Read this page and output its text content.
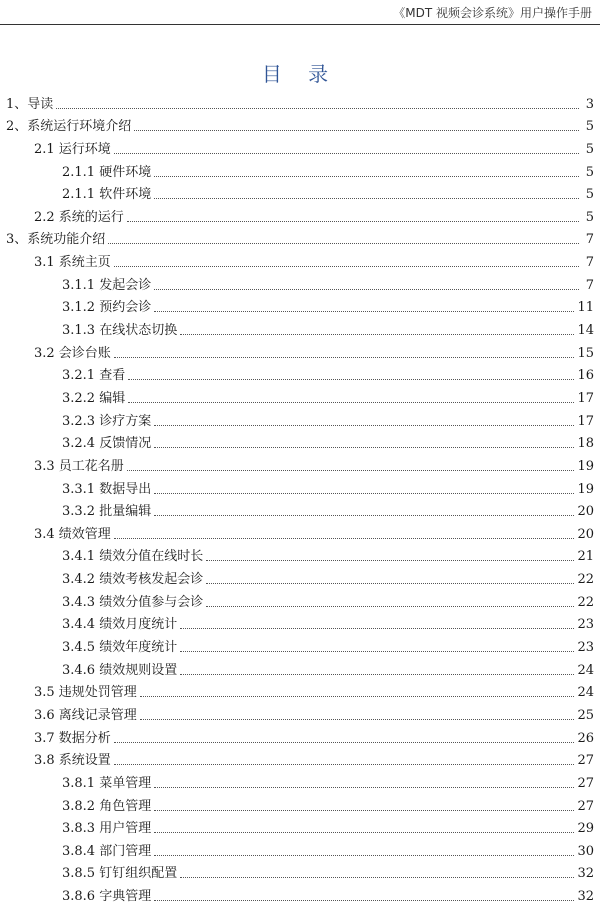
《MDT 视频会诊系统》用户操作手册
目 录
1、导读	3
2、系统运行环境介绍	5
2.1 运行环境	5
2.1.1 硬件环境	5
2.1.1 软件环境	5
2.2 系统的运行	5
3、系统功能介绍	7
3.1 系统主页	7
3.1.1 发起会诊	7
3.1.2 预约会诊	11
3.1.3 在线状态切换	14
3.2 会诊台账	15
3.2.1 查看	16
3.2.2 编辑	17
3.2.3 诊疗方案	17
3.2.4 反馈情况	18
3.3 员工花名册	19
3.3.1 数据导出	19
3.3.2 批量编辑	20
3.4 绩效管理	20
3.4.1 绩效分值在线时长	21
3.4.2 绩效考核发起会诊	22
3.4.3 绩效分值参与会诊	22
3.4.4 绩效月度统计	23
3.4.5 绩效年度统计	23
3.4.6 绩效规则设置	24
3.5 违规处罚管理	24
3.6 离线记录管理	25
3.7 数据分析	26
3.8 系统设置	27
3.8.1 菜单管理	27
3.8.2 角色管理	27
3.8.3 用户管理	29
3.8.4 部门管理	30
3.8.5 钉钉组织配置	32
3.8.6 字典管理	32
